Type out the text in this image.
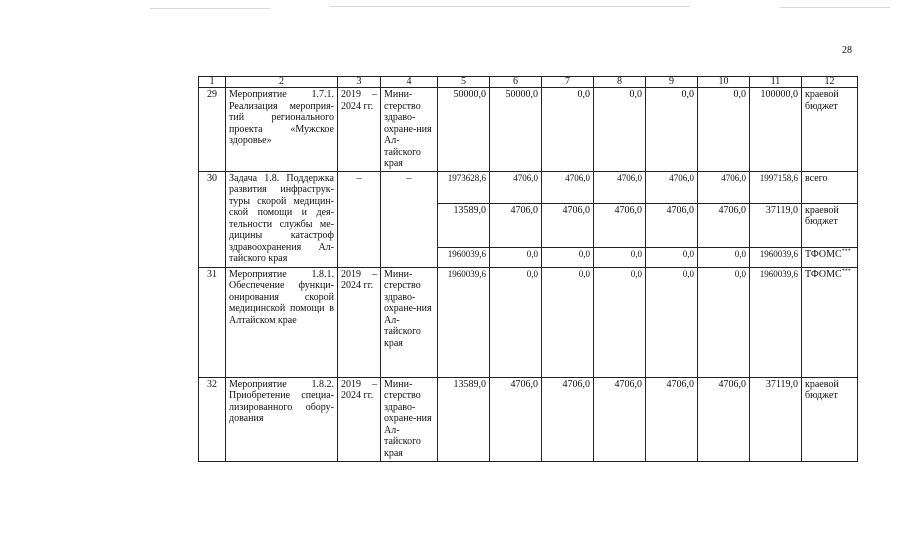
28
1	2	3	4	5	6	7	8	9	10	11	12
29	Мероприятие 1.7.1. Реализация мероприя-тий регионального проекта «Мужское здоровье»	2019 – 2024 гг.	Мини-стерство здраво-охране-ния Ал-тайского края	50000,0	50000,0	0,0	0,0	0,0	0,0	100000,0	краевой бюджет
30	Задача 1.8. Поддержка развития инфраструк-туры скорой медицин-ской помощи и дея-тельности службы ме-дицины катастроф здравоохранения Ал-тайского края	–	–	1973628,6	4706,0	4706,0	4706,0	4706,0	4706,0	1997158,6	всего
				13589,0	4706,0	4706,0	4706,0	4706,0	4706,0	37119,0	краевой бюджет
				1960039,6	0,0	0,0	0,0	0,0	0,0	1960039,6	ТФОМС***
31	Мероприятие 1.8.1. Обеспечение функци-онирования скорой медицинской помощи в Алтайском крае	2019 – 2024 гг.	Мини-стерство здраво-охране-ния Ал-тайского края	1960039,6	0,0	0,0	0,0	0,0	0,0	1960039,6	ТФОМС***
32	Мероприятие 1.8.2. Приобретение специа-лизированного обору-дования	2019 – 2024 гг.	Мини-стерство здраво-охране-ния Ал-тайского края	13589,0	4706,0	4706,0	4706,0	4706,0	4706,0	37119,0	краевой бюджет
